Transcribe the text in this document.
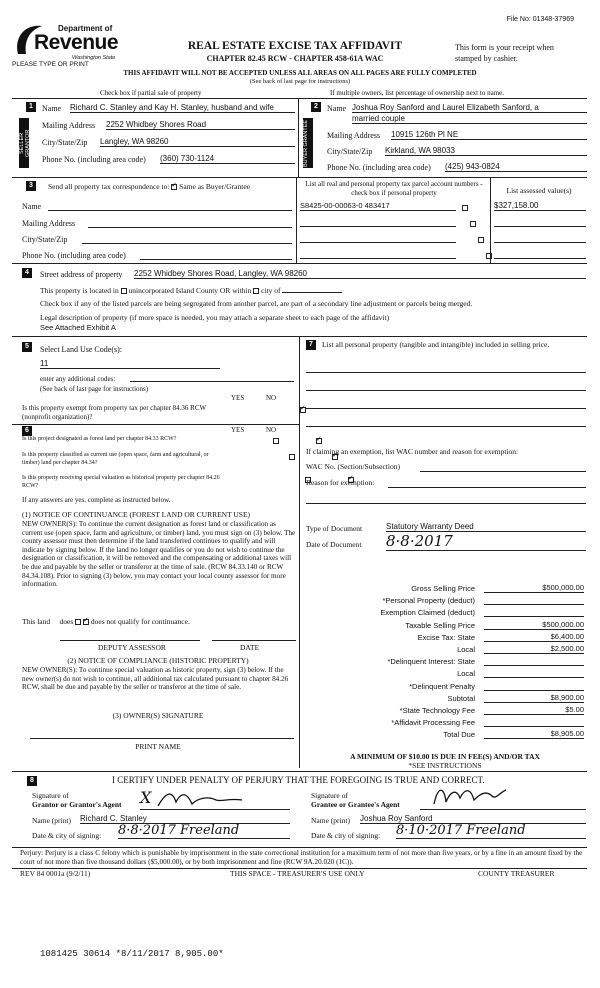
File No: 01348-37969
Department of
Revenue
Washington State
PLEASE TYPE OR PRINT
REAL ESTATE EXCISE TAX AFFIDAVIT
CHAPTER 82.45 RCW - CHAPTER 458-61A WAC
This form is your receipt when stamped by cashier.
THIS AFFIDAVIT WILL NOT BE ACCEPTED UNLESS ALL AREAS ON ALL PAGES ARE FULLY COMPLETED
(See back of last page for instructions)
Check box if partial sale of property	If multiple owners, list percentage of ownership next to name.
1
SELLER GRANTOR
Name Richard C. Stanley and Kay H. Stanley, husband and wife
Mailing Address 2252 Whidbey Shores Road
City/State/Zip Langley, WA 98260
Phone No. (including area code) (360) 730-1124
2
BUYER GRANTEE
Name Joshua Roy Sanford and Laurel Elizabeth Sanford, a
married couple
Mailing Address 10915 126th Pl NE
City/State/Zip Kirkland, WA 98033
Phone No. (including area code) (425) 943-0824
3	Send all property tax correspondence to: ✓ Same as Buyer/Grantee
Name
Mailing Address
City/State/Zip
Phone No. (including area code)
List all real and personal property tax parcel account numbers - check box if personal property	List assessed value(s)
S8425-00-00063-0 483417
	$327,158.00

4	Street address of property 2252 Whidbey Shores Road, Langley, WA 98260
This property is located in unincorporated Island County OR within city of
Check box if any of the listed parcels are being segregated from another parcel, are part of a secondary line adjustment or parcels being merged.
Legal description of property (if more space is needed, you may attach a separate sheet to each page of the affidavit)
See Attached Exhibit A
5	Select Land Use Code(s):
11
enter any additional codes:
(See back of last page for instructions)
YES	NO
Is this property exempt from property tax per chapter 84.36 RCW (nonprofit organization)?
✓
6	YES	NO
Is this project designated as forest land per chapter 84.33 RCW?
✓
Is this property classified as current use (open space, farm and agricultural, or timber) land per chapter 84.34?
✓
Is this property receiving special valuation as historical property per chapter 84.26 RCW?
✓
If any answers are yes, complete as instructed below.
(1) NOTICE OF CONTINUANCE (FOREST LAND OR CURRENT USE)
NEW OWNER(S): To continue the current designation as forest land or classification as current use (open space, farm and agriculture, or timber) land, you must sign on (3) below. The county assessor must then determine if the land transferred continues to qualify and will indicate by signing below. If the land no longer qualifies or you do not wish to continue the designation or classification, it will be removed and the compensating or additional taxes will be due and payable by the seller or transferor at the time of sale. (RCW 84.33.140 or RCW 84.34.108). Prior to signing (3) below, you may contact your local county assessor for more information.
This land does ✓ does not qualify for continuance.
DEPUTY ASSESSOR	DATE
(2) NOTICE OF COMPLIANCE (HISTORIC PROPERTY)
NEW OWNER(S): To continue special valuation as historic property, sign (3) below. If the new owner(s) do not wish to continue, all additional tax calculated pursuant to chapter 84.26 RCW, shall be due and payable by the seller or transferor at the time of sale.
(3) OWNER(S) SIGNATURE
PRINT NAME
7	List all personal property (tangible and intangible) included in selling price.
If claiming an exemption, list WAC number and reason for exemption:
WAC No. (Section/Subsection)
Reason for exemption:
Type of Document	Statutory Warranty Deed
Date of Document 8·8·2017
Gross Selling Price	$500,000.00
*Personal Property (deduct)
Exemption Claimed (deduct)
Taxable Selling Price	$500,000.00
Excise Tax: State	$6,400.00
Local	$2,500.00
*Delinquent Interest: State
Local
*Delinquent Penalty
Subtotal	$8,900.00
*State Technology Fee	$5.00
*Affidavit Processing Fee
Total Due	$8,905.00
A MINIMUM OF $10.00 IS DUE IN FEE(S) AND/OR TAX
*SEE INSTRUCTIONS
8	I CERTIFY UNDER PENALTY OF PERJURY THAT THE FOREGOING IS TRUE AND CORRECT.
Signature of
Grantor or Grantor's Agent X
Name (print) Richard C. Stanley
Date & city of signing: 8·8·2017 Freeland
Signature of
Grantee or Grantee's Agent
Name (print) Joshua Roy Sanford
Date & city of signing: 8·10·2017 Freeland
Perjury: Perjury is a class C felony which is punishable by imprisonment in the state correctional institution for a maximum term of not more than five years, or by a fine in an amount fixed by the court of not more than five thousand dollars ($5,000.00), or by both imprisonment and fine (RCW 9A.20.020 (1C)).
REV 84 0001a (9/2/11)	THIS SPACE - TREASURER'S USE ONLY	COUNTY TREASURER
1081425 30614 *8/11/2017 8,905.00*
